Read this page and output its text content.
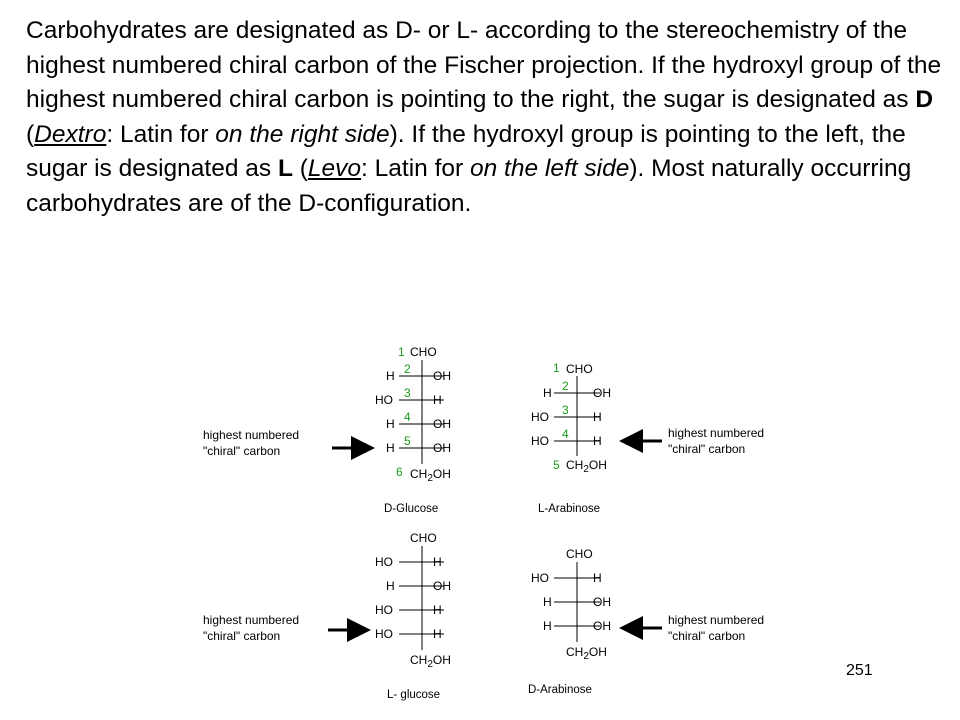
Carbohydrates are designated as D- or L- according to the stereochemistry of the highest numbered chiral carbon of the Fischer projection. If the hydroxyl group of the highest numbered chiral carbon is pointing to the right, the sugar is designated as D (Dextro: Latin for on the right side). If the hydroxyl group is pointing to the left, the sugar is designated as L (Levo: Latin for on the left side). Most naturally occurring carbohydrates are of the D-configuration.

CHO
H	OH
HO	H
H	OH
H	OH
$CH_2OH$
1
2
3
4
5
6
D-Glucose
highest numbered
"chiral" carbon
CHO
H	OH
HO	H
HO	H
$CH_2OH$
1
2
3
4
5
L-Arabinose
highest numbered
"chiral" carbon
CHO
HO	H
H	OH
HO	H
HO	H
$CH_2OH$
L- glucose
highest numbered
"chiral" carbon
CHO
HO	H
H	OH
H	OH
$CH_2OH$
D-Arabinose
highest numbered
"chiral" carbon
251
